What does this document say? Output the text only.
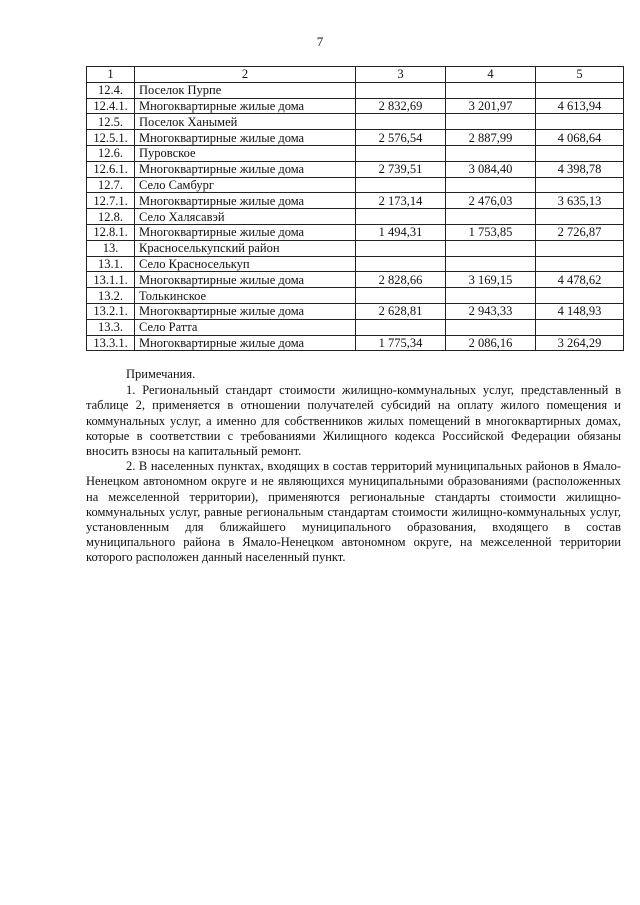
7
1	2	3	4	5
12.4.	Поселок Пурпе			
12.4.1.	Многоквартирные жилые дома	2 832,69	3 201,97	4 613,94
12.5.	Поселок Ханымей			
12.5.1.	Многоквартирные жилые дома	2 576,54	2 887,99	4 068,64
12.6.	Пуровское			
12.6.1.	Многоквартирные жилые дома	2 739,51	3 084,40	4 398,78
12.7.	Село Самбург			
12.7.1.	Многоквартирные жилые дома	2 173,14	2 476,03	3 635,13
12.8.	Село Халясавэй			
12.8.1.	Многоквартирные жилые дома	1 494,31	1 753,85	2 726,87
13.	Красноселькупский район			
13.1.	Село Красноселькуп			
13.1.1.	Многоквартирные жилые дома	2 828,66	3 169,15	4 478,62
13.2.	Толькинское			
13.2.1.	Многоквартирные жилые дома	2 628,81	2 943,33	4 148,93
13.3.	Село Ратта			
13.3.1.	Многоквартирные жилые дома	1 775,34	2 086,16	3 264,29

Примечания.

1. Региональный стандарт стоимости жилищно-коммунальных услуг, представленный в таблице 2, применяется в отношении получателей субсидий на оплату жилого помещения и коммунальных услуг, а именно для собственников жилых помещений в многоквартирных домах, которые в соответствии с требованиями Жилищного кодекса Российской Федерации обязаны вносить взносы на капитальный ремонт.

2. В населенных пунктах, входящих в состав территорий муниципальных районов в Ямало-Ненецком автономном округе и не являющихся муниципальными образованиями (расположенных на межселенной территории), применяются региональные стандарты стоимости жилищно-коммунальных услуг, равные региональным стандартам стоимости жилищно-коммунальных услуг, установленным для ближайшего муниципального образования, входящего в состав муниципального района в Ямало-Ненецком автономном округе, на межселенной территории которого расположен данный населенный пункт.
